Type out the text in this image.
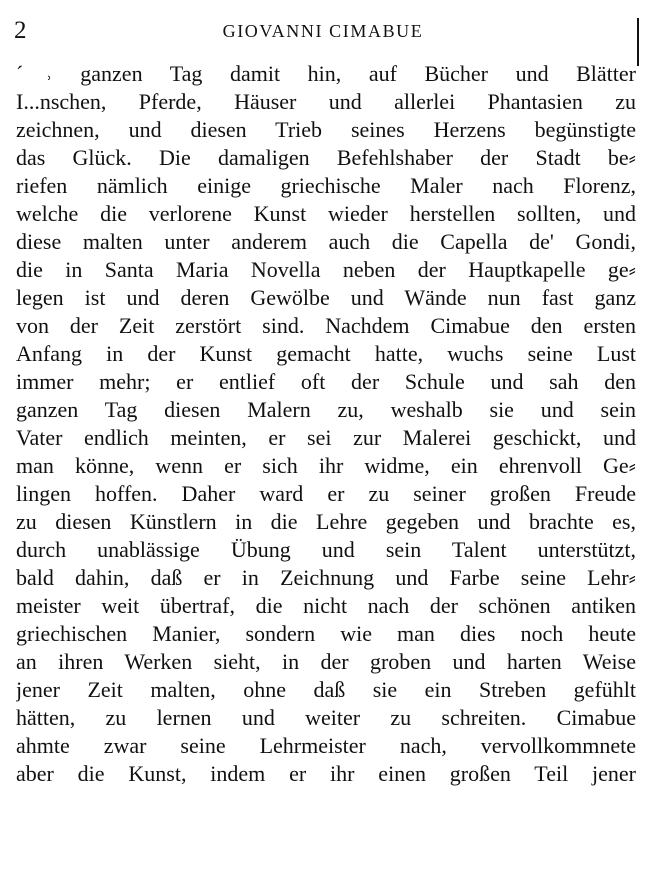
2	GIOVANNI CIMABUE
ˊ˒ ganzen Tag damit hin, auf Bücher und Blätter
Ι...nschen, Pferde, Häuser und allerlei Phantasien zu
zeichnen, und diesen Trieb seines Herzens begünstigte
das Glück. Die damaligen Befehlshaber der Stadt be⸗
riefen nämlich einige griechische Maler nach Florenz,
welche die verlorene Kunst wieder herstellen sollten, und
diese malten unter anderem auch die Capella de' Gondi,
die in Santa Maria Novella neben der Hauptkapelle ge⸗
legen ist und deren Gewölbe und Wände nun fast ganz
von der Zeit zerstört sind. Nachdem Cimabue den ersten
Anfang in der Kunst gemacht hatte, wuchs seine Lust
immer mehr; er entlief oft der Schule und sah den
ganzen Tag diesen Malern zu, weshalb sie und sein
Vater endlich meinten, er sei zur Malerei geschickt, und
man könne, wenn er sich ihr widme, ein ehrenvoll Ge⸗
lingen hoffen. Daher ward er zu seiner großen Freude
zu diesen Künstlern in die Lehre gegeben und brachte es,
durch unablässige Übung und sein Talent unterstützt,
bald dahin, daß er in Zeichnung und Farbe seine Lehr⸗
meister weit übertraf, die nicht nach der schönen antiken
griechischen Manier, sondern wie man dies noch heute
an ihren Werken sieht, in der groben und harten Weise
jener Zeit malten, ohne daß sie ein Streben gefühlt
hätten, zu lernen und weiter zu schreiten. Cimabue
ahmte zwar seine Lehrmeister nach, vervollkommnete
aber die Kunst, indem er ihr einen großen Teil jener
